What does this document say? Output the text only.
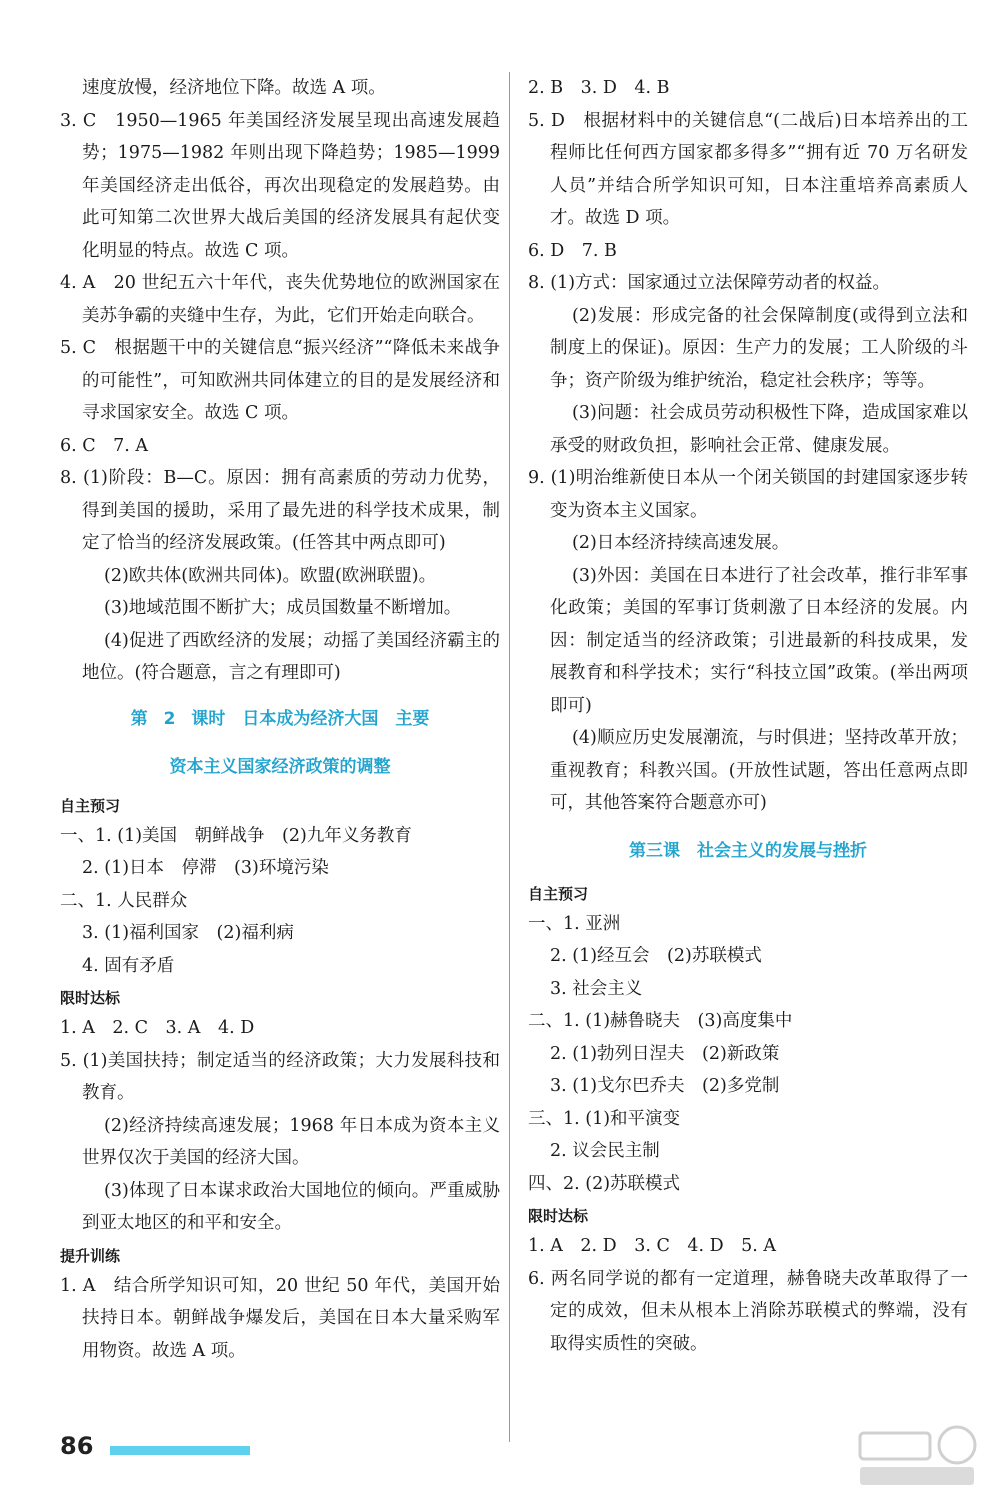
速度放慢，经济地位下降。故选 A 项。

3. C　1950—1965 年美国经济发展呈现出高速发展趋势；1975—1982 年则出现下降趋势；1985—1999 年美国经济走出低谷，再次出现稳定的发展趋势。由此可知第二次世界大战后美国的经济发展具有起伏变化明显的特点。故选 C 项。

4. A　20 世纪五六十年代，丧失优势地位的欧洲国家在美苏争霸的夹缝中生存，为此，它们开始走向联合。

5. C　根据题干中的关键信息“振兴经济”“降低未来战争的可能性”，可知欧洲共同体建立的目的是发展经济和寻求国家安全。故选 C 项。

6. C　7. A

8. (1)阶段：B—C。原因：拥有高素质的劳动力优势，得到美国的援助，采用了最先进的科学技术成果，制定了恰当的经济发展政策。(任答其中两点即可)

(2)欧共体(欧洲共同体)。欧盟(欧洲联盟)。

(3)地域范围不断扩大；成员国数量不断增加。

(4)促进了西欧经济的发展；动摇了美国经济霸主的地位。(符合题意，言之有理即可)

第 2 课时　日本成为经济大国　主要

资本主义国家经济政策的调整

自主预习

一、1. (1)美国　朝鲜战争　(2)九年义务教育

2. (1)日本　停滞　(3)环境污染

二、1. 人民群众

3. (1)福利国家　(2)福利病

4. 固有矛盾

限时达标

1. A　2. C　3. A　4. D

5. (1)美国扶持；制定适当的经济政策；大力发展科技和教育。

(2)经济持续高速发展；1968 年日本成为资本主义世界仅次于美国的经济大国。

(3)体现了日本谋求政治大国地位的倾向。严重威胁到亚太地区的和平和安全。

提升训练

1. A　结合所学知识可知，20 世纪 50 年代，美国开始扶持日本。朝鲜战争爆发后，美国在日本大量采购军用物资。故选 A 项。

2. B　3. D　4. B

5. D　根据材料中的关键信息“(二战后)日本培养出的工程师比任何西方国家都多得多”“拥有近 70 万名研发人员”并结合所学知识可知，日本注重培养高素质人才。故选 D 项。

6. D　7. B

8. (1)方式：国家通过立法保障劳动者的权益。

(2)发展：形成完备的社会保障制度(或得到立法和制度上的保证)。原因：生产力的发展；工人阶级的斗争；资产阶级为维护统治，稳定社会秩序；等等。

(3)问题：社会成员劳动积极性下降，造成国家难以承受的财政负担，影响社会正常、健康发展。

9. (1)明治维新使日本从一个闭关锁国的封建国家逐步转变为资本主义国家。

(2)日本经济持续高速发展。

(3)外因：美国在日本进行了社会改革，推行非军事化政策；美国的军事订货刺激了日本经济的发展。内因：制定适当的经济政策；引进最新的科技成果，发展教育和科学技术；实行“科技立国”政策。(举出两项即可)

(4)顺应历史发展潮流，与时俱进；坚持改革开放；重视教育；科教兴国。(开放性试题，答出任意两点即可，其他答案符合题意亦可)

第三课　社会主义的发展与挫折

自主预习

一、1. 亚洲

2. (1)经互会　(2)苏联模式

3. 社会主义

二、1. (1)赫鲁晓夫　(3)高度集中

2. (1)勃列日涅夫　(2)新政策

3. (1)戈尔巴乔夫　(2)多党制

三、1. (1)和平演变

2. 议会民主制

四、2. (2)苏联模式

限时达标

1. A　2. D　3. C　4. D　5. A

6. 两名同学说的都有一定道理，赫鲁晓夫改革取得了一定的成效，但未从根本上消除苏联模式的弊端，没有取得实质性的突破。

86
